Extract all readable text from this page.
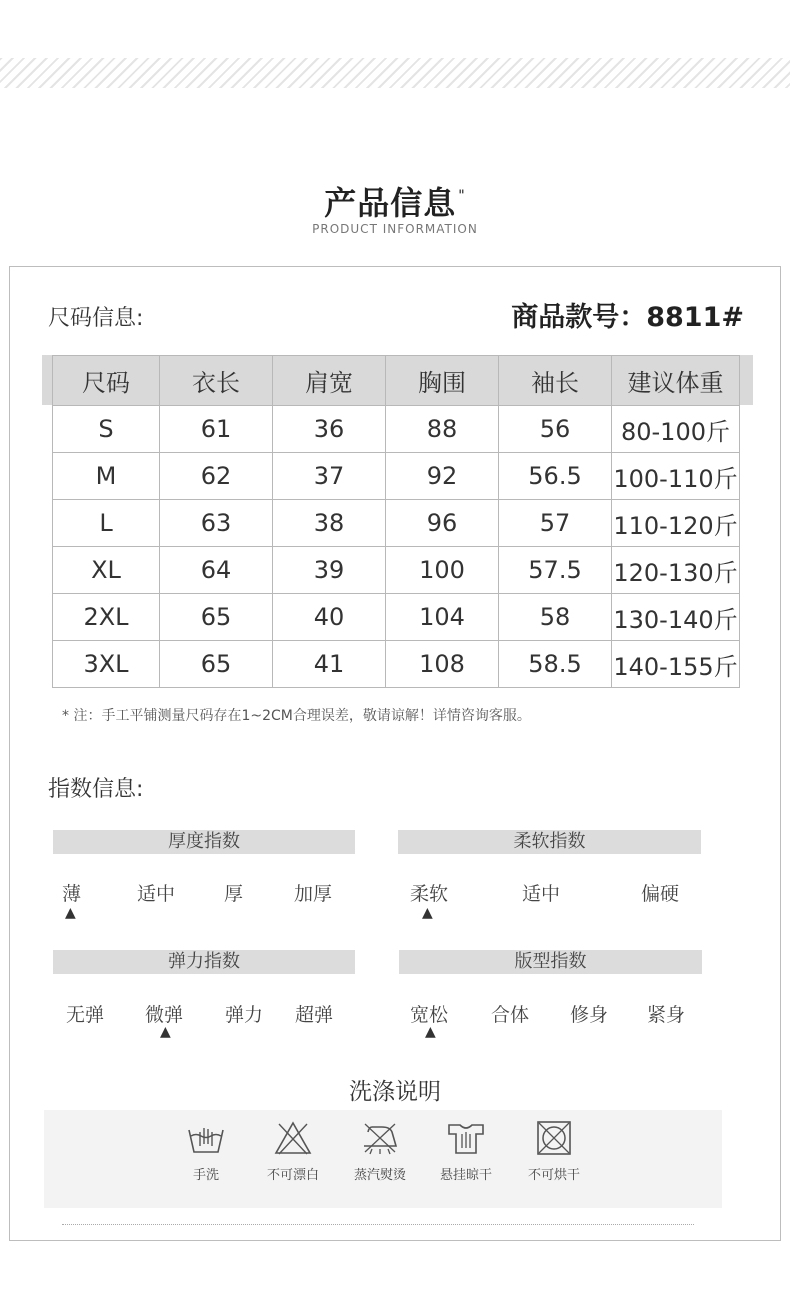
产品信息 "
PRODUCT INFORMATION
尺码信息:	商品款号：8811#
尺码	衣长	肩宽	胸围	袖长	建议体重
S	61	36	88	56	80-100斤
M	62	37	92	56.5	100-110斤
L	63	38	96	57	110-120斤
XL	64	39	100	57.5	120-130斤
2XL	65	40	104	58	130-140斤
3XL	65	41	108	58.5	140-155斤
* 注：手工平铺测量尺码存在1~2CM合理误差，敬请谅解！详情咨询客服。
指数信息:
厚度指数
薄	适中	厚	加厚
▲
柔软指数
柔软	适中	偏硬
▲
弹力指数
无弹 微弹 弹力 超弹
▲
版型指数
宽松 合体 修身 紧身
▲
洗涤说明
手洗	不可漂白	蒸汽熨烫	悬挂晾干	不可烘干
